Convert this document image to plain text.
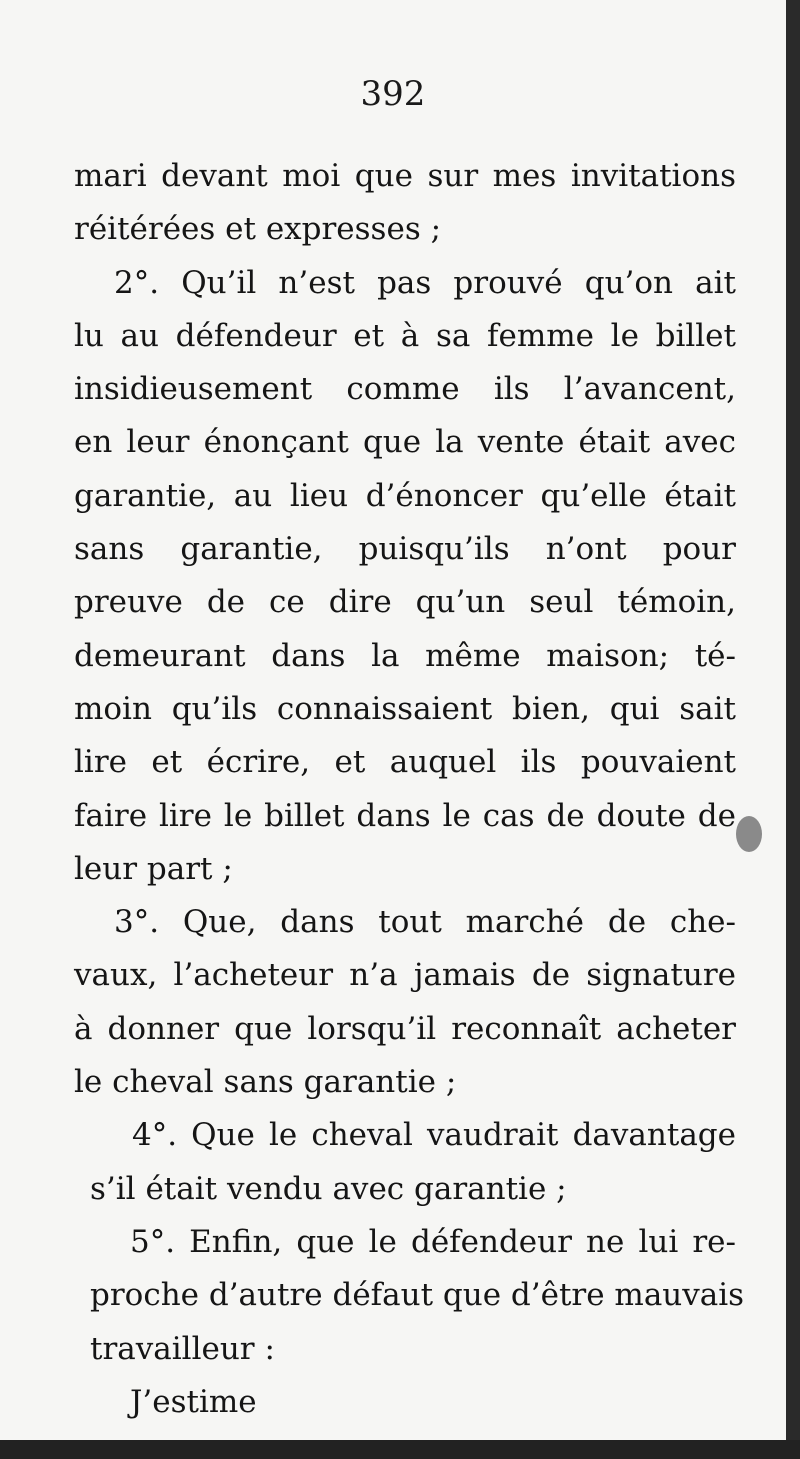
392
mari devant moi que sur mes invitations
réitérées et expresses ;
2°. Qu’il n’est pas prouvé qu’on ait
lu au défendeur et à sa femme le billet
insidieusement comme ils l’avancent,
en leur énonçant que la vente était avec
garantie, au lieu d’énoncer qu’elle était
sans garantie, puisqu’ils n’ont pour
preuve de ce dire qu’un seul témoin,
demeurant dans la même maison; té-
moin qu’ils connaissaient bien, qui sait
lire et écrire, et auquel ils pouvaient
faire lire le billet dans le cas de doute de
leur part ;
3°. Que, dans tout marché de che-
vaux, l’acheteur n’a jamais de signature
à donner que lorsqu’il reconnaît acheter
le cheval sans garantie ;
4°. Que le cheval vaudrait davantage
s’il était vendu avec garantie ;
5°. Enfin, que le défendeur ne lui re-
proche d’autre défaut que d’être mauvais
travailleur :
J’estime
